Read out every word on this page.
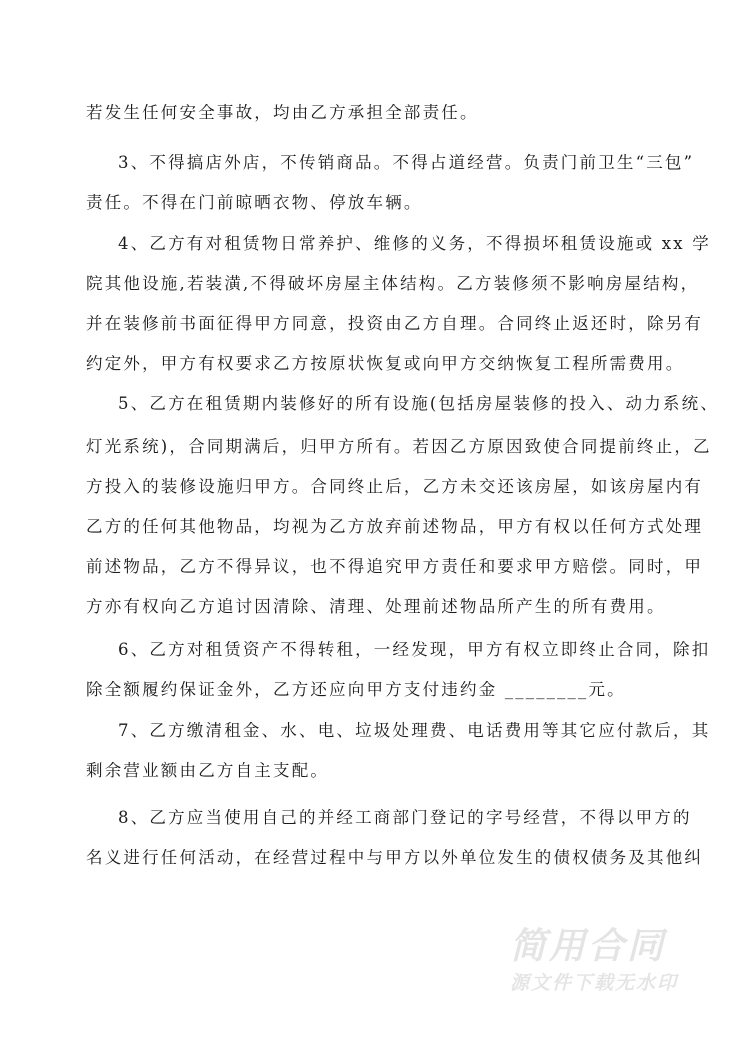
若发生任何安全事故，均由乙方承担全部责任。
3、不得搞店外店，不传销商品。不得占道经营。负责门前卫生“三包”
责任。不得在门前晾晒衣物、停放车辆。
4、乙方有对租赁物日常养护、维修的义务，不得损坏租赁设施或 xx 学
院其他设施,若装潢,不得破坏房屋主体结构。乙方装修须不影响房屋结构，
并在装修前书面征得甲方同意，投资由乙方自理。合同终止返还时，除另有
约定外，甲方有权要求乙方按原状恢复或向甲方交纳恢复工程所需费用。
5、乙方在租赁期内装修好的所有设施(包括房屋装修的投入、动力系统、
灯光系统)，合同期满后，归甲方所有。若因乙方原因致使合同提前终止，乙
方投入的装修设施归甲方。合同终止后，乙方未交还该房屋，如该房屋内有
乙方的任何其他物品，均视为乙方放弃前述物品，甲方有权以任何方式处理
前述物品，乙方不得异议，也不得追究甲方责任和要求甲方赔偿。同时，甲
方亦有权向乙方追讨因清除、清理、处理前述物品所产生的所有费用。
6、乙方对租赁资产不得转租，一经发现，甲方有权立即终止合同，除扣
除全额履约保证金外，乙方还应向甲方支付违约金 ________元。
7、乙方缴清租金、水、电、垃圾处理费、电话费用等其它应付款后，其
剩余营业额由乙方自主支配。
8、乙方应当使用自己的并经工商部门登记的字号经营，不得以甲方的
名义进行任何活动，在经营过程中与甲方以外单位发生的债权债务及其他纠
简用合同
源文件下载无水印
